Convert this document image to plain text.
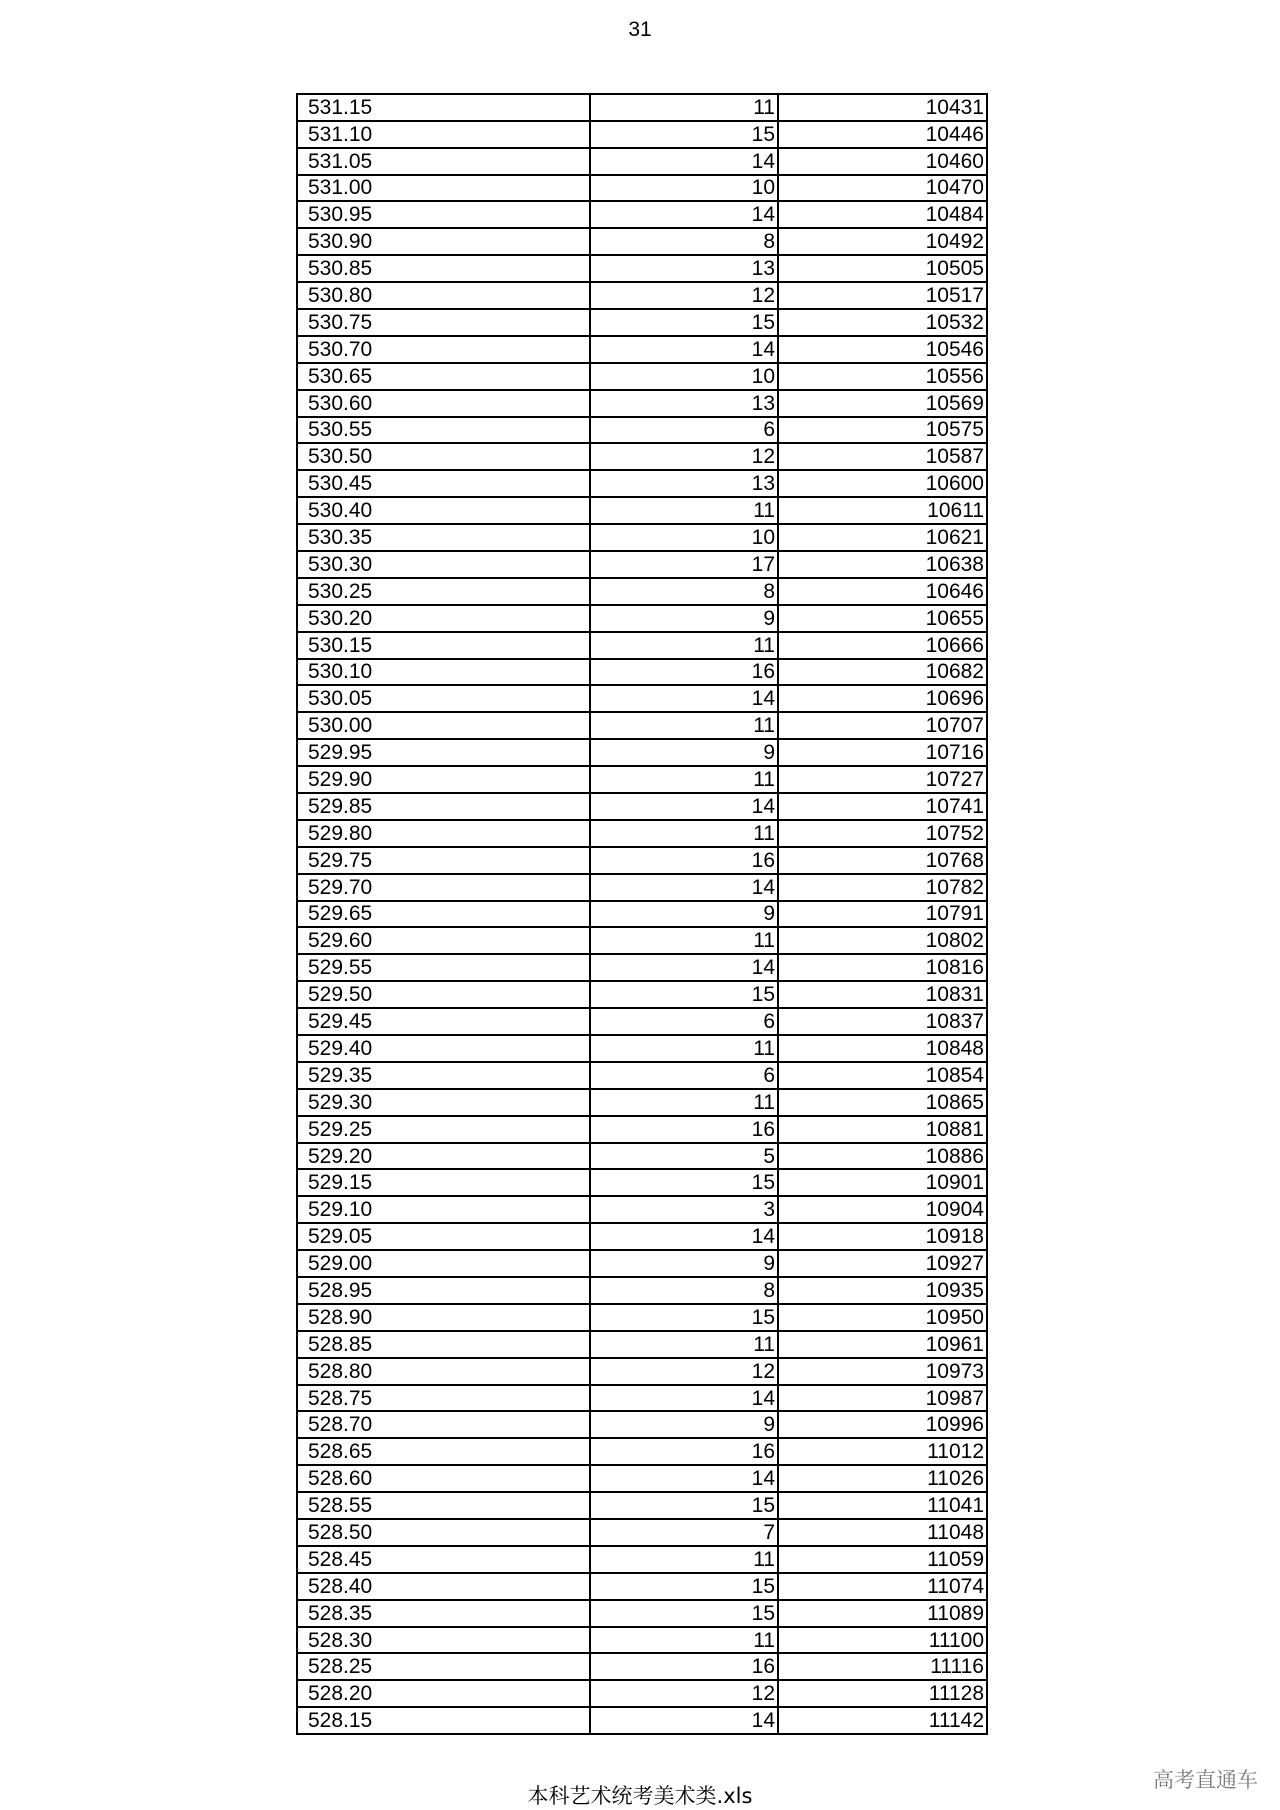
31
531.15	11	10431
531.10	15	10446
531.05	14	10460
531.00	10	10470
530.95	14	10484
530.90	8	10492
530.85	13	10505
530.80	12	10517
530.75	15	10532
530.70	14	10546
530.65	10	10556
530.60	13	10569
530.55	6	10575
530.50	12	10587
530.45	13	10600
530.40	11	10611
530.35	10	10621
530.30	17	10638
530.25	8	10646
530.20	9	10655
530.15	11	10666
530.10	16	10682
530.05	14	10696
530.00	11	10707
529.95	9	10716
529.90	11	10727
529.85	14	10741
529.80	11	10752
529.75	16	10768
529.70	14	10782
529.65	9	10791
529.60	11	10802
529.55	14	10816
529.50	15	10831
529.45	6	10837
529.40	11	10848
529.35	6	10854
529.30	11	10865
529.25	16	10881
529.20	5	10886
529.15	15	10901
529.10	3	10904
529.05	14	10918
529.00	9	10927
528.95	8	10935
528.90	15	10950
528.85	11	10961
528.80	12	10973
528.75	14	10987
528.70	9	10996
528.65	16	11012
528.60	14	11026
528.55	15	11041
528.50	7	11048
528.45	11	11059
528.40	15	11074
528.35	15	11089
528.30	11	11100
528.25	16	11116
528.20	12	11128
528.15	14	11142
本科艺术统考美术类.xls
高考直通车
